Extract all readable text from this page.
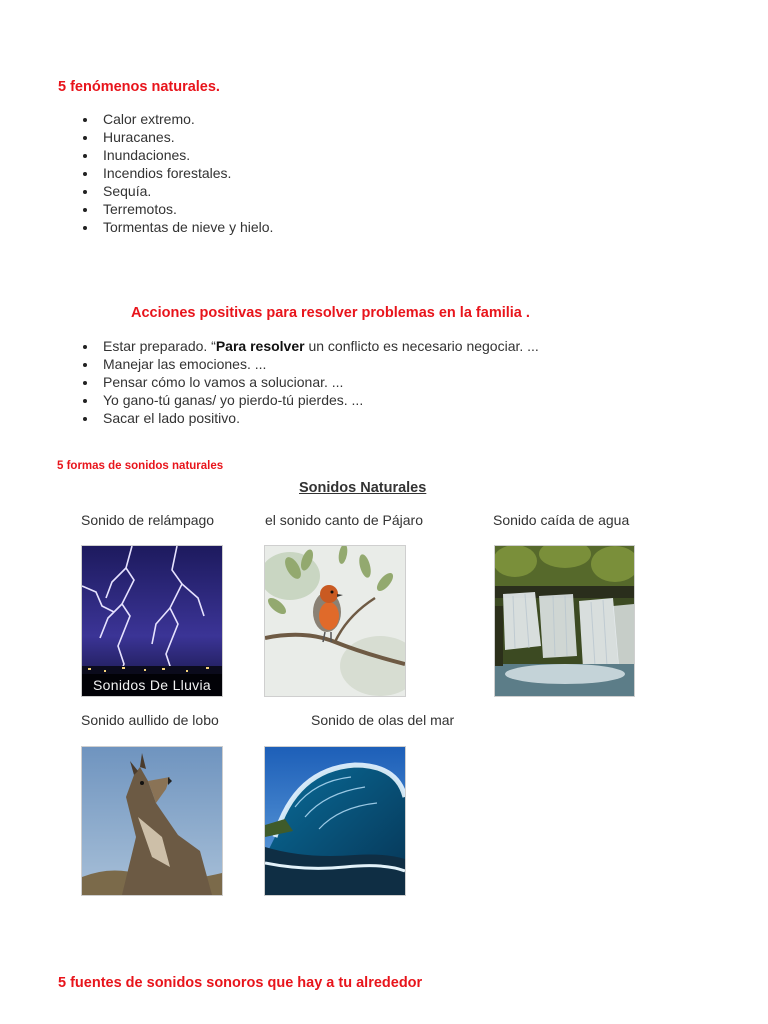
5 fenómenos naturales.
Calor extremo.
Huracanes.
Inundaciones.
Incendios forestales.
Sequía.
Terremotos.
Tormentas de nieve y hielo.
Acciones positivas para resolver problemas en la familia .
Estar preparado. “Para resolver un conflicto es necesario negociar. ...
Manejar las emociones. ...
Pensar cómo lo vamos a solucionar. ...
Yo gano-tú ganas/ yo pierdo-tú pierdes. ...
Sacar el lado positivo.
5 formas de sonidos naturales
Sonidos Naturales
Sonido de relámpago	el sonido canto de Pájaro	Sonido caída de agua
Sonido aullido de lobo	Sonido de olas del mar
Sonidos De Lluvia
5 fuentes de sonidos sonoros que hay a tu alrededor
